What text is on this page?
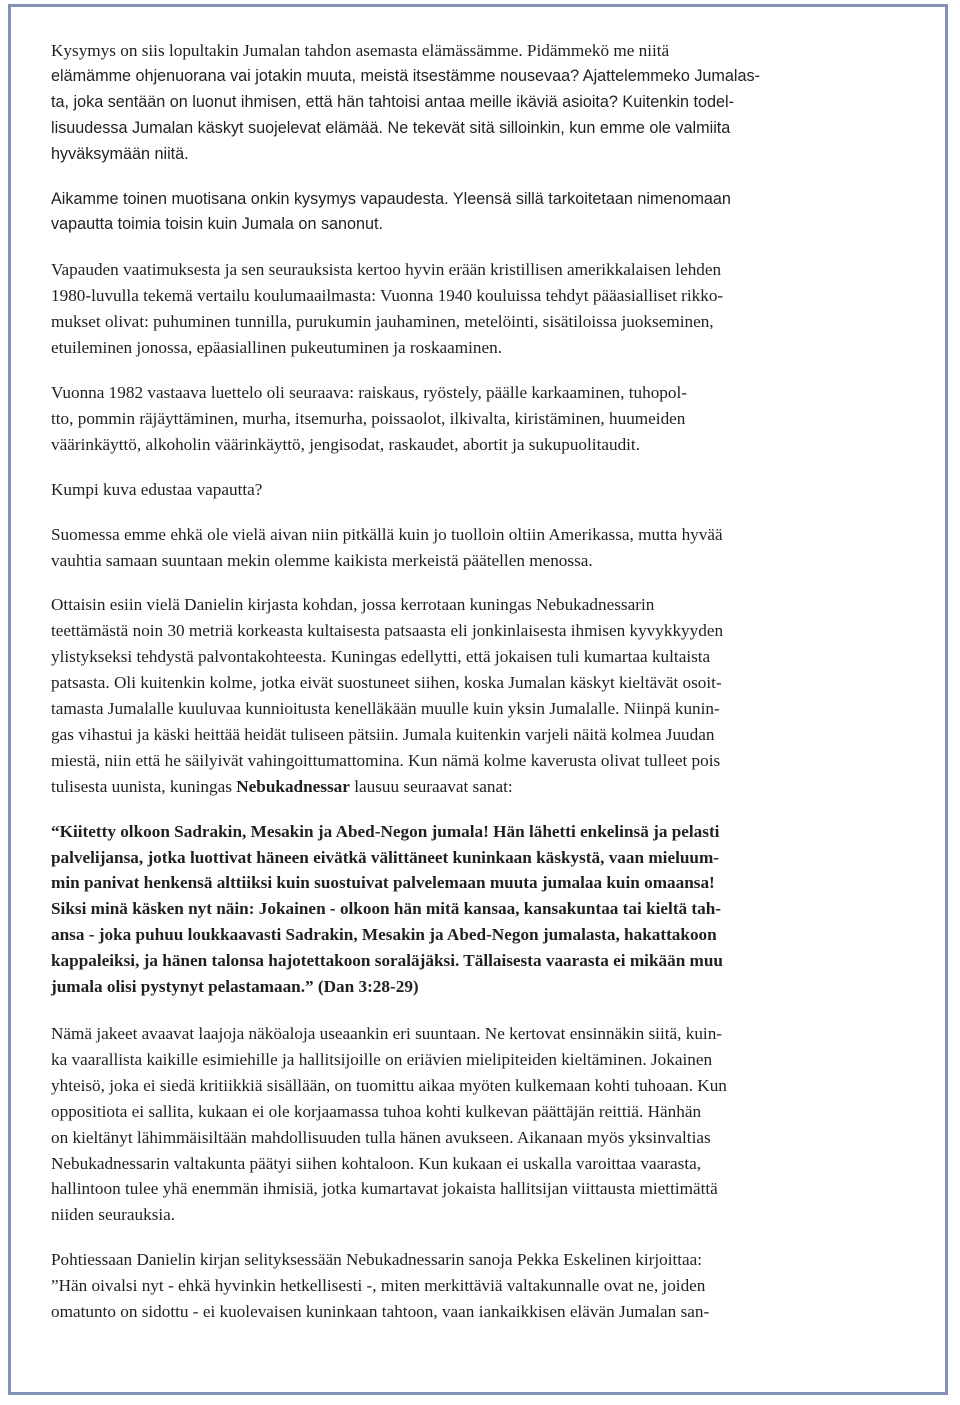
Kysymys on siis lopultakin Jumalan tahdon asemasta elämässämme. Pidämmekö me niitä
elämämme ohjenuorana vai jotakin muuta, meistä itsestämme nousevaa? Ajattelemmeko Jumalas-
ta, joka sentään on luonut ihmisen, että hän tahtoisi antaa meille ikäviä asioita? Kuitenkin todel-
lisuudessa Jumalan käskyt suojelevat elämää. Ne tekevät sitä silloinkin, kun emme ole valmiita
hyväksymään niitä.

Aikamme toinen muotisana onkin kysymys vapaudesta. Yleensä sillä tarkoitetaan nimenomaan
vapautta toimia toisin kuin Jumala on sanonut.

Vapauden vaatimuksesta ja sen seurauksista kertoo hyvin erään kristillisen amerikkalaisen lehden
1980-luvulla tekemä vertailu koulumaailmasta: Vuonna 1940 kouluissa tehdyt pääasialliset rikko-
mukset olivat: puhuminen tunnilla, purukumin jauhaminen, metelöinti, sisätiloissa juokseminen,
etuileminen jonossa, epäasiallinen pukeutuminen ja roskaaminen.

Vuonna 1982 vastaava luettelo oli seuraava: raiskaus, ryöstely, päälle karkaaminen, tuhopol-
tto, pommin räjäyttäminen, murha, itsemurha, poissaolot, ilkivalta, kiristäminen, huumeiden
väärinkäyttö, alkoholin väärinkäyttö, jengisodat, raskaudet, abortit ja sukupuolitaudit.

Kumpi kuva edustaa vapautta?

Suomessa emme ehkä ole vielä aivan niin pitkällä kuin jo tuolloin oltiin Amerikassa, mutta hyvää
vauhtia samaan suuntaan mekin olemme kaikista merkeistä päätellen menossa.

Ottaisin esiin vielä Danielin kirjasta kohdan, jossa kerrotaan kuningas Nebukadnessarin
teettämästä noin 30 metriä korkeasta kultaisesta patsaasta eli jonkinlaisesta ihmisen kyvykkyyden
ylistykseksi tehdystä palvontakohteesta. Kuningas edellytti, että jokaisen tuli kumartaa kultaista
patsasta. Oli kuitenkin kolme, jotka eivät suostuneet siihen, koska Jumalan käskyt kieltävät osoit-
tamasta Jumalalle kuuluvaa kunnioitusta kenelläkään muulle kuin yksin Jumalalle. Niinpä kunin-
gas vihastui ja käski heittää heidät tuliseen pätsiin. Jumala kuitenkin varjeli näitä kolmea Juudan
miestä, niin että he säilyivät vahingoittumattomina. Kun nämä kolme kaverusta olivat tulleet pois
tulisesta uunista, kuningas Nebukadnessar lausuu seuraavat sanat:

“Kiitetty olkoon Sadrakin, Mesakin ja Abed-Negon jumala! Hän lähetti enkelinsä ja pelasti
palvelijansa, jotka luottivat häneen eivätkä välittäneet kuninkaan käskystä, vaan mieluum-
min panivat henkensä alttiiksi kuin suostuivat palvelemaan muuta jumalaa kuin omaansa!
Siksi minä käsken nyt näin: Jokainen - olkoon hän mitä kansaa, kansakuntaa tai kieltä tah-
ansa - joka puhuu loukkaavasti Sadrakin, Mesakin ja Abed-Negon jumalasta, hakattakoon
kappaleiksi, ja hänen talonsa hajotettakoon soraläjäksi. Tällaisesta vaarasta ei mikään muu
jumala olisi pystynyt pelastamaan.” (Dan 3:28-29)

Nämä jakeet avaavat laajoja näköaloja useaankin eri suuntaan. Ne kertovat ensinnäkin siitä, kuin-
ka vaarallista kaikille esimiehille ja hallitsijoille on eriävien mielipiteiden kieltäminen. Jokainen
yhteisö, joka ei siedä kritiikkiä sisällään, on tuomittu aikaa myöten kulkemaan kohti tuhoaan. Kun
oppositiota ei sallita, kukaan ei ole korjaamassa tuhoa kohti kulkevan päättäjän reittiä. Hänhän
on kieltänyt lähimmäisiltään mahdollisuuden tulla hänen avukseen. Aikanaan myös yksinvaltias
Nebukadnessarin valtakunta päätyi siihen kohtaloon. Kun kukaan ei uskalla varoittaa vaarasta,
hallintoon tulee yhä enemmän ihmisiä, jotka kumartavat jokaista hallitsijan viittausta miettimättä
niiden seurauksia.

Pohtiessaan Danielin kirjan selityksessään Nebukadnessarin sanoja Pekka Eskelinen kirjoittaa:
”Hän oivalsi nyt - ehkä hyvinkin hetkellisesti -, miten merkittäviä valtakunnalle ovat ne, joiden
omatunto on sidottu - ei kuolevaisen kuninkaan tahtoon, vaan iankaikkisen elävän Jumalan san-
